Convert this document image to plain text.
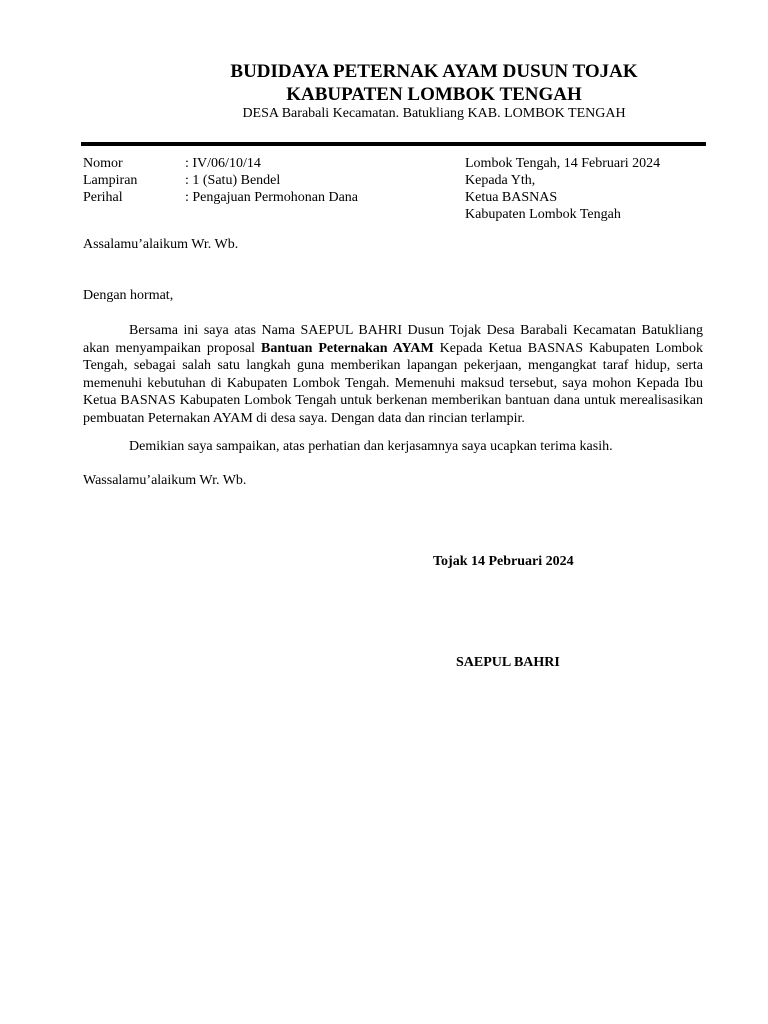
BUDIDAYA PETERNAK AYAM DUSUN TOJAK
KABUPATEN LOMBOK TENGAH
DESA Barabali Kecamatan. Batukliang KAB. LOMBOK TENGAH
Nomor	: IV/06/10/14
Lampiran	: 1 (Satu) Bendel
Perihal	: Pengajuan Permohonan Dana
Lombok Tengah, 14 Februari 2024
Kepada Yth,
Ketua BASNAS
Kabupaten Lombok Tengah
Assalamu’alaikum Wr. Wb.
Dengan hormat,
Bersama ini saya atas Nama SAEPUL BAHRI Dusun Tojak Desa Barabali Kecamatan Batukliang akan menyampaikan proposal Bantuan Peternakan AYAM Kepada Ketua BASNAS Kabupaten Lombok Tengah, sebagai salah satu langkah guna memberikan lapangan pekerjaan, mengangkat taraf hidup, serta memenuhi kebutuhan di Kabupaten Lombok Tengah. Memenuhi maksud tersebut, saya mohon Kepada Ibu Ketua BASNAS Kabupaten Lombok Tengah untuk berkenan memberikan bantuan dana untuk merealisasikan pembuatan Peternakan AYAM di desa saya. Dengan data dan rincian terlampir.
Demikian saya sampaikan, atas perhatian dan kerjasamnya saya ucapkan terima kasih.
Wassalamu’alaikum Wr. Wb.
Tojak 14 Pebruari 2024
SAEPUL BAHRI
